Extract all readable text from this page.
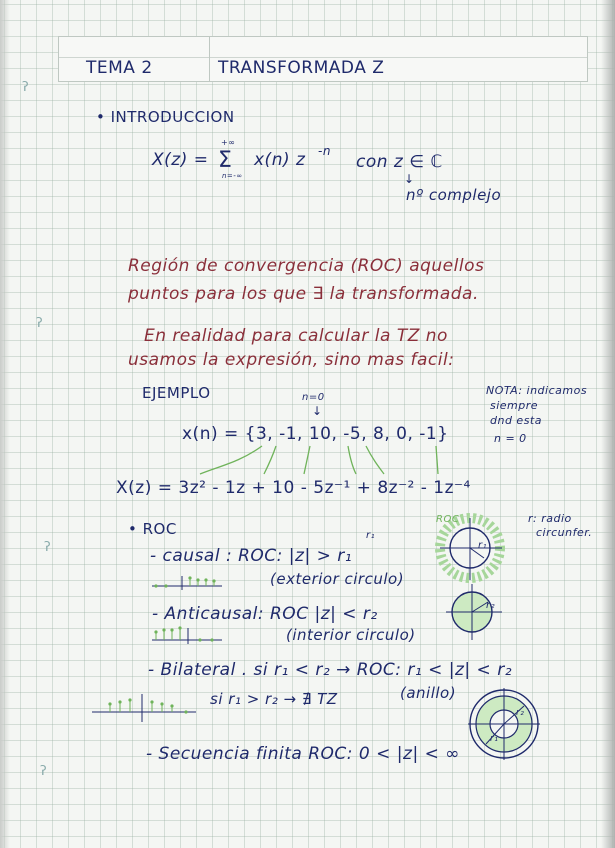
TEMA 2	TRANSFORMADA Z
ʔ
ʔ
ʔ
ʔ
• INTRODUCCION
X(z) =
+∞
Σ
n=-∞
x(n) z -n
con z ∈ ℂ
↓
nº complejo
Región de convergencia (ROC) aquellos
puntos para los que ∃ la transformada.
En realidad para calcular la TZ no
usamos la expresión, sino mas facil:
EJEMPLO	n=0
↓
x(n) = {3, -1, 10, -5, 8, 0, -1}
NOTA: indicamos
siempre
dnd esta
n = 0
X(z) = 3z² - 1z + 10 - 5z⁻¹ + 8z⁻² - 1z⁻⁴
• ROC
r: radio
circunfer.
- causal : ROC: |z| > r₁
(exterior circulo)
- Anticausal: ROC |z| < r₂
(interior circulo)
- Bilateral . si r₁ < r₂ → ROC: r₁ < |z| < r₂
si r₁ > r₂ → ∄ TZ	(anillo)
- Secuencia finita ROC: 0 < |z| < ∞
ROC
r₁
r₁
r₂
r₂
r₁
